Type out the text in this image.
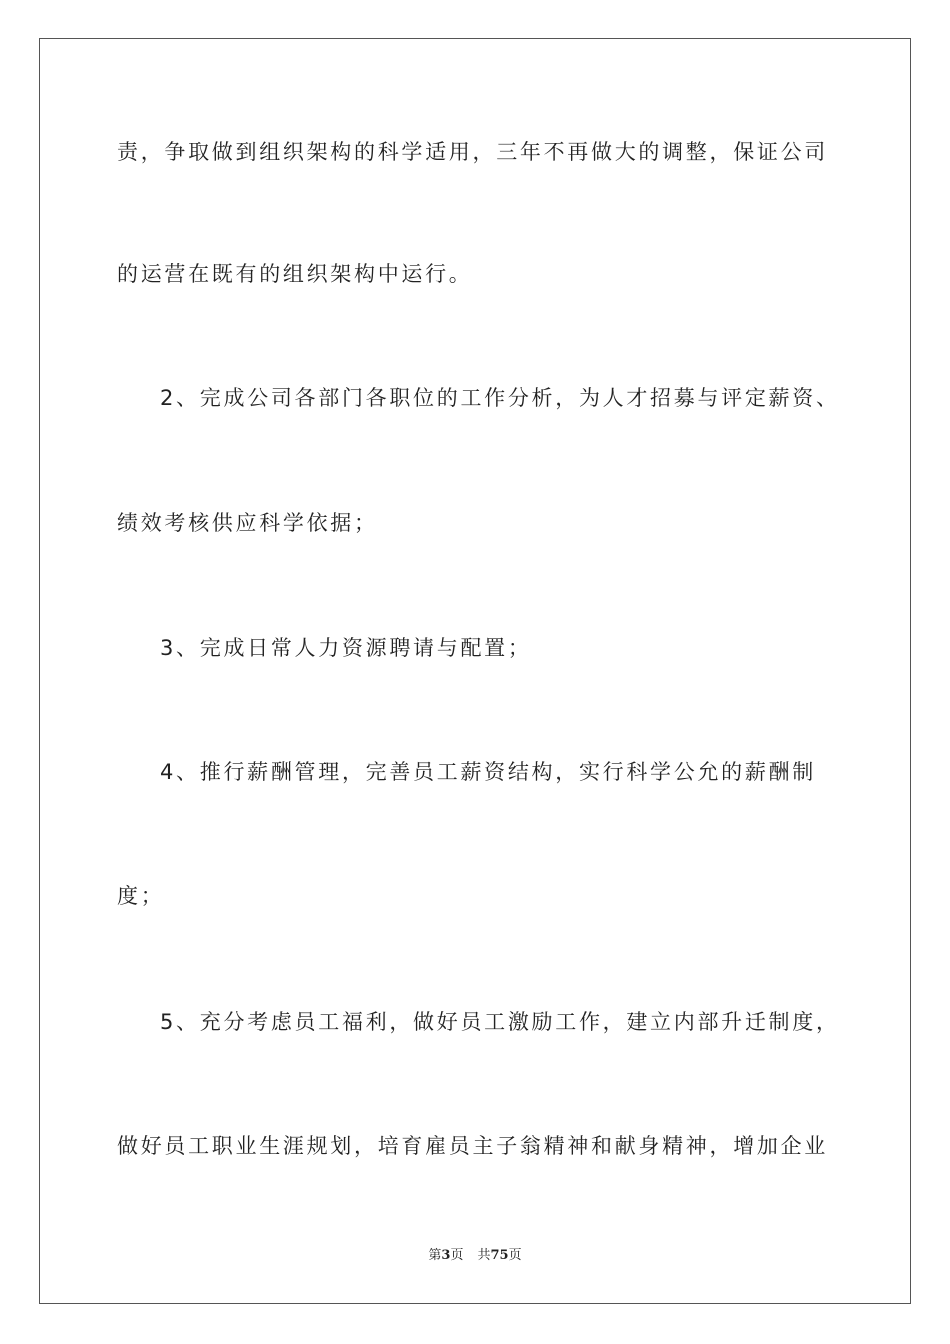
责，争取做到组织架构的科学适用，三年不再做大的调整，保证公司
的运营在既有的组织架构中运行。
2、完成公司各部门各职位的工作分析，为人才招募与评定薪资、
绩效考核供应科学依据；
3、完成日常人力资源聘请与配置；
4、推行薪酬管理，完善员工薪资结构，实行科学公允的薪酬制
度；
5、充分考虑员工福利，做好员工激励工作，建立内部升迁制度，
做好员工职业生涯规划，培育雇员主子翁精神和献身精神，增加企业
第3页 共75页
